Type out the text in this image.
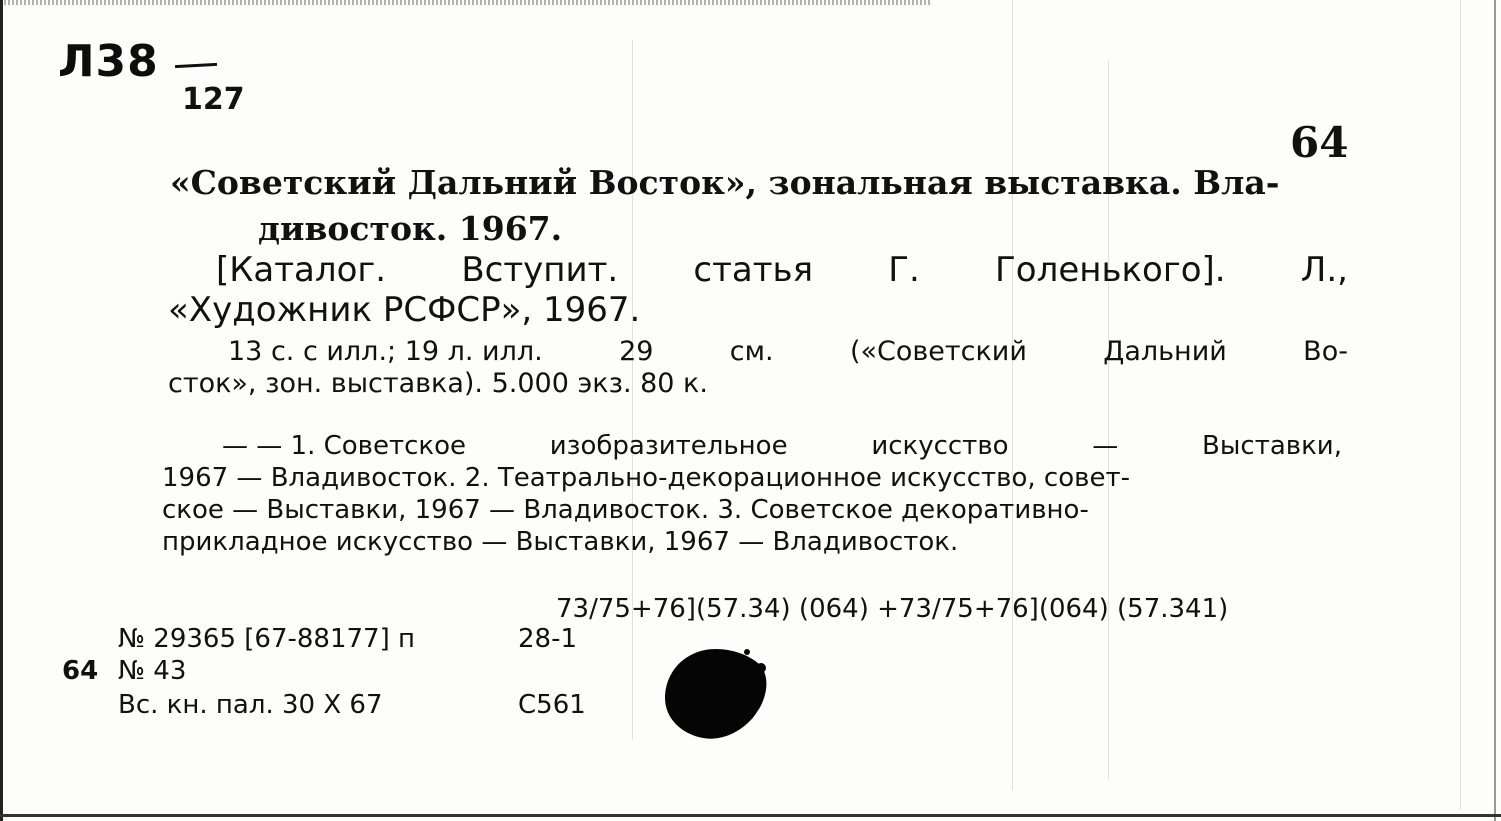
Л38
127
64
«Советский Дальний Восток», зональная выставка. Вла-
дивосток. 1967.
[Каталог. Вступит. статья Г. Голенького]. Л.,
«Художник РСФСР», 1967.
13 с. с илл.; 19 л. илл.	29	см.	(«Советский	Дальний	Во-
сток», зон. выставка). 5.000 экз. 80 к.
— — 1. Советское	изобразительное	искусство	—	Выставки,
1967 — Владивосток. 2. Театрально-декорационное искусство, совет-
ское — Выставки, 1967 — Владивосток. 3. Советское декоративно-
прикладное искусство — Выставки, 1967 — Владивосток.
73/75+76](57.34) (064) +73/75+76](064) (57.341)
№ 29365 [67-88177] п	28-1
64 № 43
Вс. кн. пал. 30 X 67	С561
